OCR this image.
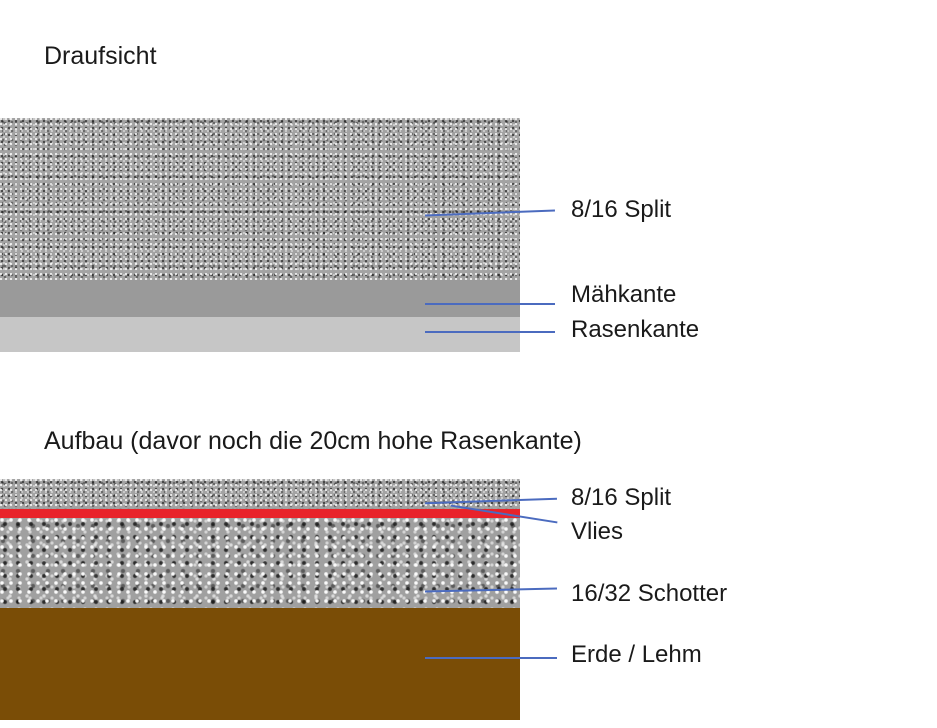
Draufsicht
8/16 Split
Mähkante
Rasenkante
Aufbau (davor noch die 20cm hohe Rasenkante)
8/16 Split
Vlies
16/32 Schotter
Erde / Lehm
